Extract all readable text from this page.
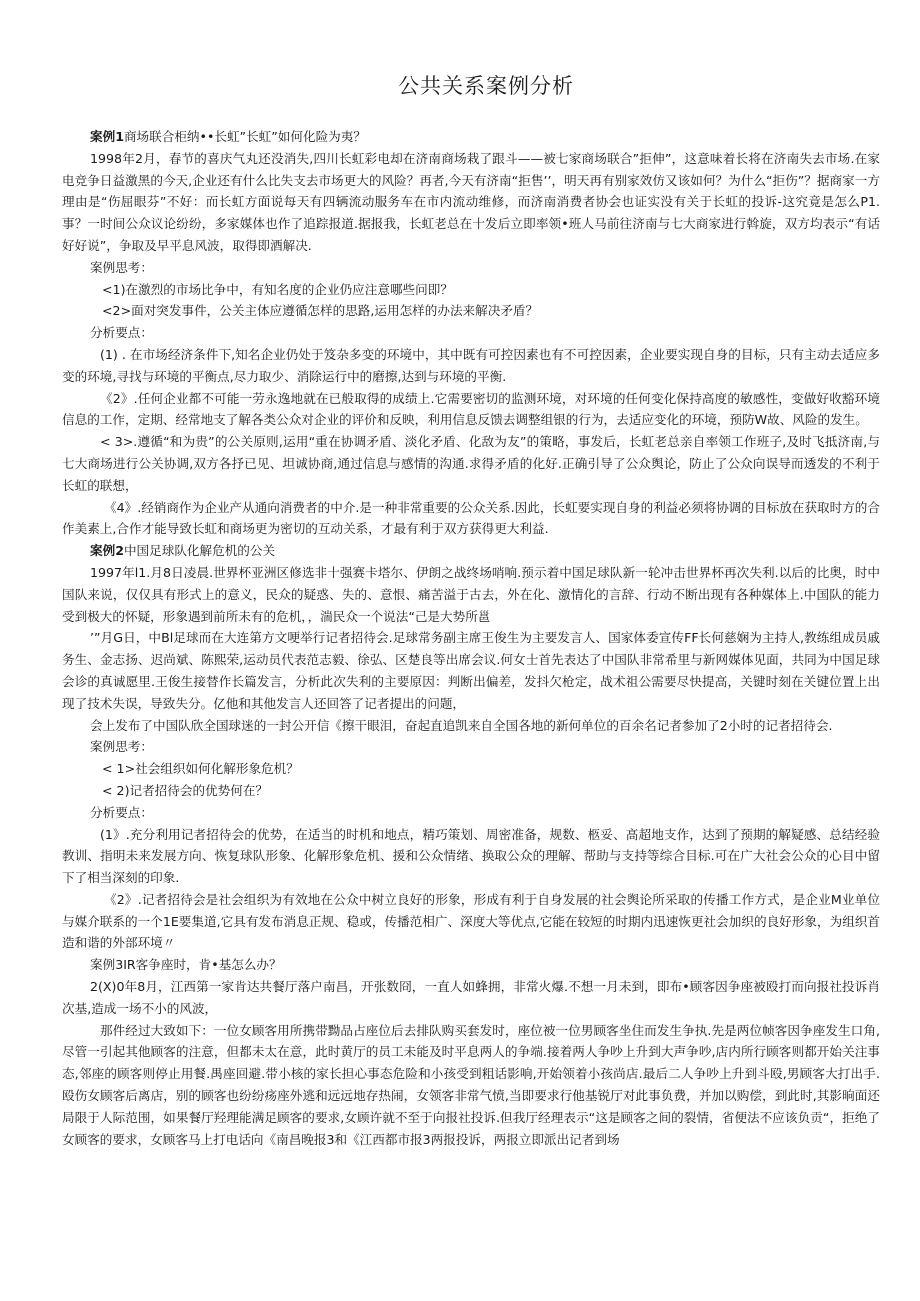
公共关系案例分析

案例1商场联合柜纳••长虹”长虹”如何化险为夷？

1998年2月，春节的喜庆气丸还没消失,四川长虹彩电却在济南商场栽了跟斗——被七家商场联合”拒伸”，这意味着长将在济南失去市场.在家电竞争日益激黑的今天,企业还有什么比失支去市场更大的风险？再者,今天有济南“拒售’’，明天再有别家效仿又该如何？为什么“拒伤”？据商家一方理由是“伤屈眼芬”不好：而长虹方面说每天有四辆流动服务车在市内流动维修，而济南消费者协会也证实没有关于长虹的投诉-这究竟是怎么P1.事？一时间公众议论纷纷，多家媒体也作了追踪报道.据报我，长虹老总在十发后立即率领•班人马前往济南与七大商家进行斡旋，双方均表示“有话好好说”，争取及早平息风波，取得即酒解决.

案例思考：

<1)在激烈的市场比争中，有知名度的企业仍应注意哪些问即？

<2>面对突发事件，公关主体应遵循怎样的思路,运用怎样的办法来解决矛盾？

分析要点：

(1) . 在市场经济条件下,知名企业仍处于笈杂多变的环境中，其中既有可控因素也有不可控因素，企业要实现自身的目标，只有主动去适应多变的环境,寻找与环境的平衡点,尽力取少、消除运行中的磨擦,达到与环境的平衡.

《2》.任何企业都不可能一劳永逸地就在已般取得的成绩上.它需要密切的监测环境，对环境的任何变化保持高度的敏感性，变做好收豁环境信息的工作，定期、经常地支了解各类公众对企业的评价和反映，利用信息反馈去调整组银的行为，去适应变化的环境，预防W故、风险的发生。

< 3>.遵循“和为贵”的公关原则,运用“重在协调矛盾、淡化矛盾、化敌为友”的策略，事发后，长虹老总亲自率领工作班子,及时飞抵济南,与七大商场进行公关协调,双方各抒已见、坦诚协商,通过信息与感情的沟通.求得矛盾的化好.正确引导了公众舆论，防止了公众向误导而透发的不利于长虹的联想，

《4》.经销商作为企业产从通向消费者的中介.是一种非常重要的公众关系.因此，长虹要实现自身的利益必须将协调的目标放在获取时方的合作美素上,合作才能导致长虹和商场更为密切的互动关系，才最有利于双方获得更大利益.

案例2中国足球队化解危机的公关

1997年l1.月8日凌晨.世界杯亚洲区修选非十强赛卡塔尔、伊朗之战终场哨响.预示着中国足球队新一轮冲击世界杯再次失利.以后的比奥，时中国队来说，仅仅具有形式上的意义，民众的疑惑、失的、意恨、痛苦溢于古去，外在化、激情化的言辞、行动不断出现有各种媒体上.中国队的能力受到极大的怀疑，形象遇到前所未有的危机，，湍民众一个说法“己是大势所邕

’”月G日，中Bl足球而在大连第方文哽举行记者招待会.足球常务副主席王俊生为主要发言人、国家体委宣传FF长何慈娴为主持人,教练组成员戚务生、金志扬、迟尚斌、陈熙荣,运动员代表范志毅、徐弘、区楚良等出席会议.何女士首先表达了中国队非常希里与新网媒体见面，共同为中国足球会诊的真诚愿里.王俊生接替作长篇发言，分析此次失利的主要原因：判断出偏差，发抖欠枪定，战术祖公需要尽快提高，关键时刻在关键位置上出现了技术失误，导致失分。亿他和其他发言人还回答了记者提出的问题，

会上发布了中国队欣全国球迷的一封公开信《擦干眼泪，奋起直追凯来自全国各地的新何单位的百余名记者参加了2小时的记者招待会.

案例思考：

< 1>社会组织如何化解形象危机？

< 2)记者招待会的优势何在？

分析要点：

(1》.充分利用记者招待会的优势，在适当的时机和地点，精巧策划、周密准备，规数、柩妥、高超地支作，达到了预期的解疑感、总结经验教训、指明未来发展方向、恢复球队形象、化解形象危机、援和公众情绪、换取公众的理解、帮助与支持等综合目标.可在广大社会公众的心目中留下了相当深刻的印象.

《2》.记者招待会是社会组织为有效地在公众中树立良好的形象，形成有利于自身发展的社会舆论所采取的传播工作方式，是企业M业单位与媒介联系的一个1E要集道,它具有发布消息正规、稳或，传播范相广、深度大等优点,它能在较短的时期内迅速恢更社会加织的良好形象，为组织首造和谐的外部环境〃

案例3IR客争座时，肯•基怎么办？

2(X)0年8月，江西第一家肯达共餐厅落户南昌，开张数冏，一直人如蜂拥，非常火爆.不想一月未到，即布•顾客因争座被殴打而向报社投诉肖次基,造成一场不小的风波，

那件经过大致如下：一位女顾客用所携带黝品占座位后去排队购买套发时，座位被一位男顾客坐住而发生争执.先是两位帧客因争座发生口角,尽管一引起其他顾客的注意，但都未太在意，此时黄厅的员工未能及时平息两人的争端.接着两人争吵上升到大声争吵,店内所行顾客则都开始关注事态,邻座的顾客则停止用餐.禺座回避.带小核的家长担心事态危险和小孩受到粗话影响,开始领着小孩尚店.最后二人争吵上升到斗殴,男顾客大打出手.殴伤女顾客后离店，别的顾客也纷纷疡座外逃和远远地存热闹，女领客非常气愤,当即要求行他基锐厅对此事负费，并加以购偿，到此时,其影晌面还局限于人际范围，如果餐厅羟理能满足顾客的要求,女顾许就不至于向报社投诉.但我厅经理表示“这是顾客之间的裂情，省便法不应该负贡“，拒绝了女顾客的要求，女顾客马上打电话向《南昌晚报3和《江西都市报3两报投诉，两报立即派出记者到场
